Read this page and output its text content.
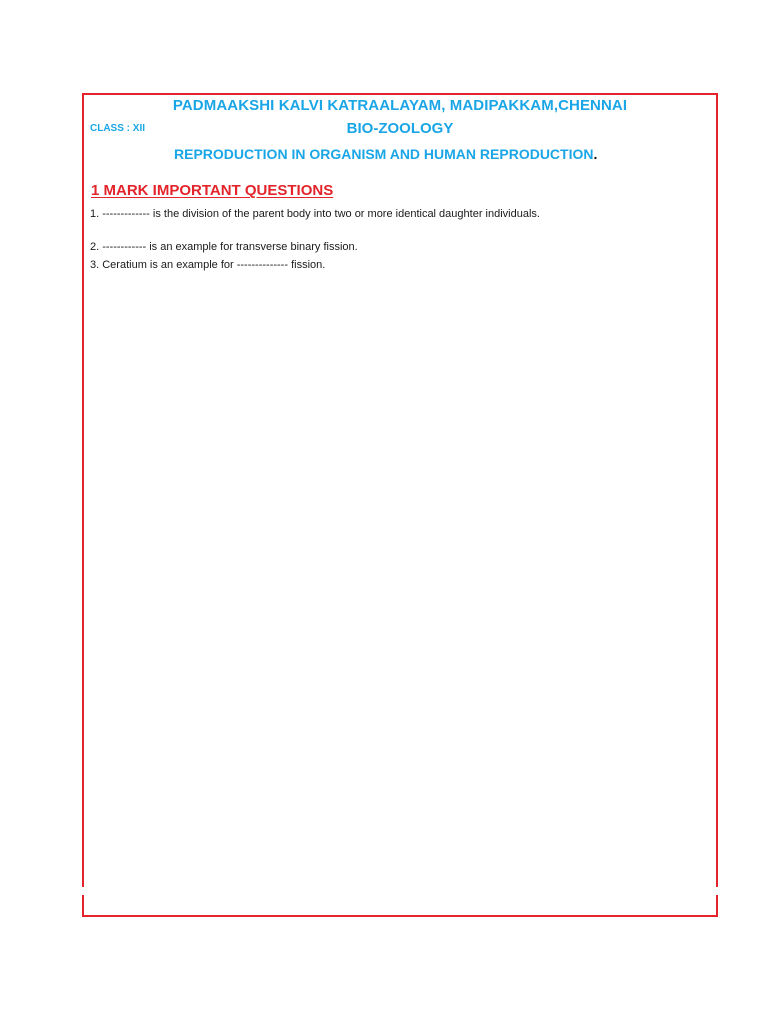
PADMAAKSHI KALVI KATRAALAYAM, MADIPAKKAM,CHENNAI
CLASS : XII	BIO-ZOOLOGY
REPRODUCTION IN ORGANISM AND HUMAN REPRODUCTION.
1 MARK IMPORTANT QUESTIONS
1. ------------- is the division of the parent body into two or more identical daughter individuals.
2. ------------ is an example for transverse binary fission.
3. Ceratium is an example for -------------- fission.
